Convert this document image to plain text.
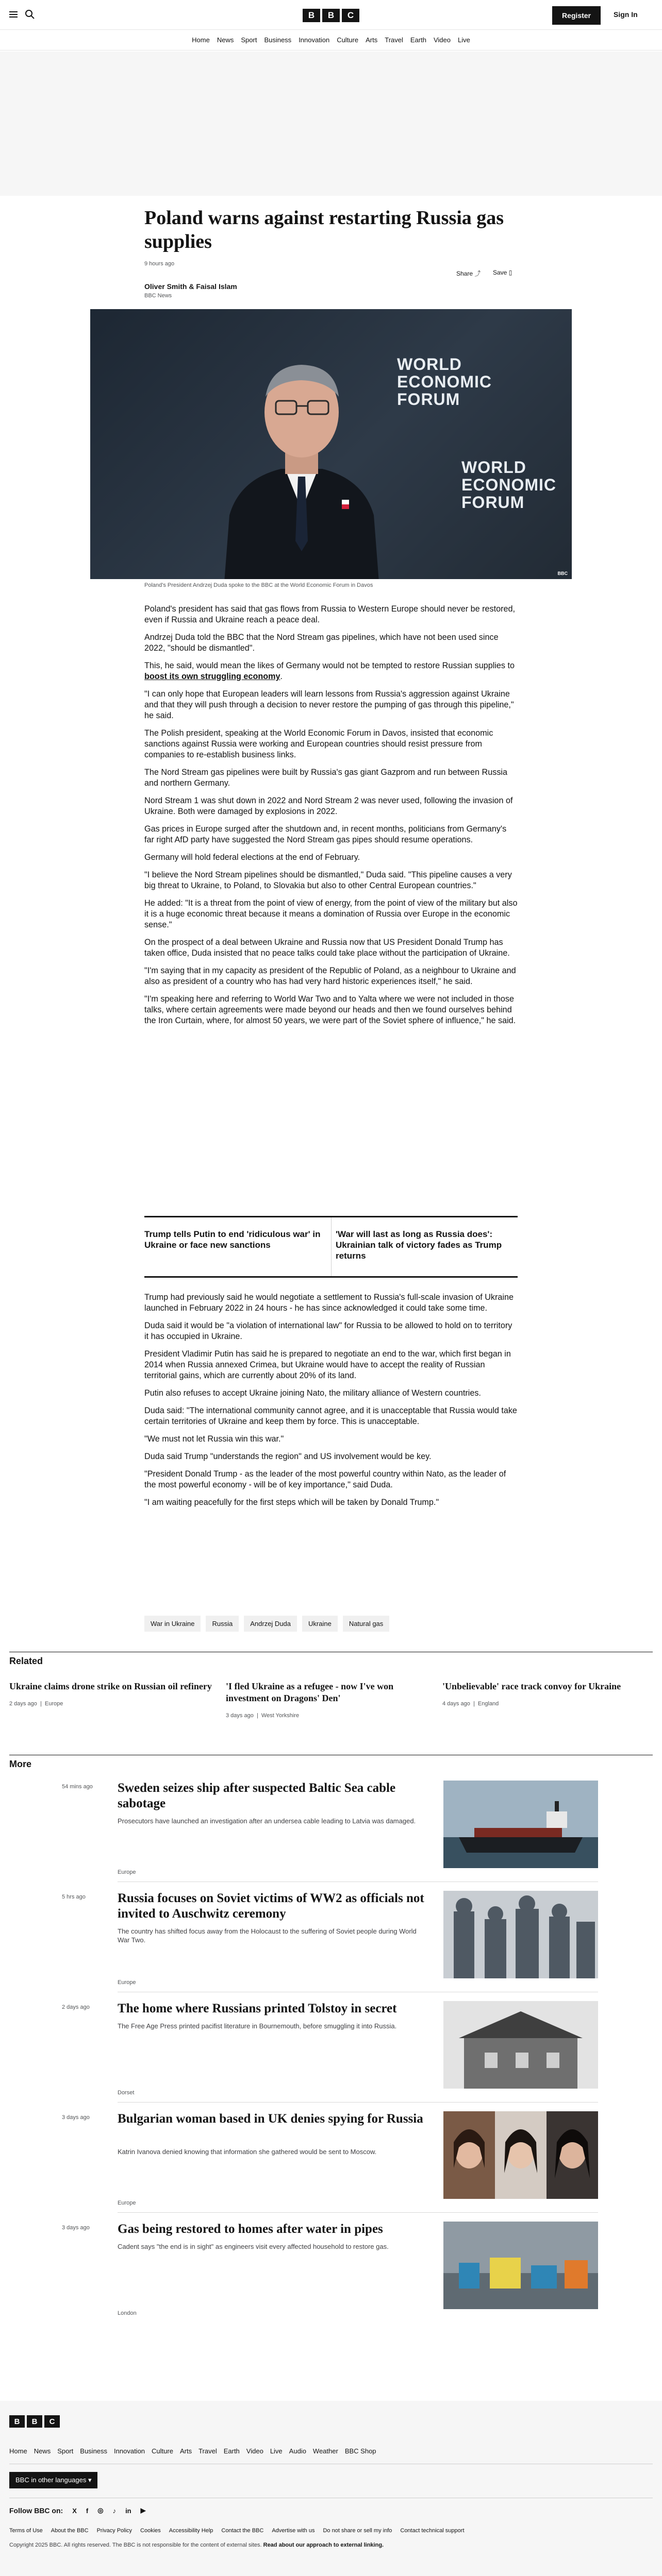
B	B	C	Register	Sign In
Home News Sport Business Innovation Culture Arts Travel Earth Video Live
Poland warns against restarting Russia gas supplies
9 hours ago
Share ⤴ Save ▯
Oliver Smith & Faisal Islam
BBC News
WORLD
ECONOMIC
FORUM
WORLD
ECONOMIC
FORUM
BBC
Poland's President Andrzej Duda spoke to the BBC at the World Economic Forum in Davos

Poland's president has said that gas flows from Russia to Western Europe should never be restored, even if Russia and Ukraine reach a peace deal.

Andrzej Duda told the BBC that the Nord Stream gas pipelines, which have not been used since 2022, "should be dismantled".

This, he said, would mean the likes of Germany would not be tempted to restore Russian supplies to boost its own struggling economy.

"I can only hope that European leaders will learn lessons from Russia's aggression against Ukraine and that they will push through a decision to never restore the pumping of gas through this pipeline," he said.

The Polish president, speaking at the World Economic Forum in Davos, insisted that economic sanctions against Russia were working and European countries should resist pressure from companies to re-establish business links.

The Nord Stream gas pipelines were built by Russia's gas giant Gazprom and run between Russia and northern Germany.

Nord Stream 1 was shut down in 2022 and Nord Stream 2 was never used, following the invasion of Ukraine. Both were damaged by explosions in 2022.

Gas prices in Europe surged after the shutdown and, in recent months, politicians from Germany's far right AfD party have suggested the Nord Stream gas pipes should resume operations.

Germany will hold federal elections at the end of February.

"I believe the Nord Stream pipelines should be dismantled," Duda said. "This pipeline causes a very big threat to Ukraine, to Poland, to Slovakia but also to other Central European countries."

He added: "It is a threat from the point of view of energy, from the point of view of the military but also it is a huge economic threat because it means a domination of Russia over Europe in the economic sense."

On the prospect of a deal between Ukraine and Russia now that US President Donald Trump has taken office, Duda insisted that no peace talks could take place without the participation of Ukraine.

"I'm saying that in my capacity as president of the Republic of Poland, as a neighbour to Ukraine and also as president of a country who has had very hard historic experiences itself," he said.

"I'm speaking here and referring to World War Two and to Yalta where we were not included in those talks, where certain agreements were made beyond our heads and then we found ourselves behind the Iron Curtain, where, for almost 50 years, we were part of the Soviet sphere of influence," he said.

Trump tells Putin to end 'ridiculous war' in Ukraine or face new sanctions
'War will last as long as Russia does': Ukrainian talk of victory fades as Trump returns

Trump had previously said he would negotiate a settlement to Russia's full-scale invasion of Ukraine launched in February 2022 in 24 hours - he has since acknowledged it could take some time.

Duda said it would be "a violation of international law" for Russia to be allowed to hold on to territory it has occupied in Ukraine.

President Vladimir Putin has said he is prepared to negotiate an end to the war, which first began in 2014 when Russia annexed Crimea, but Ukraine would have to accept the reality of Russian territorial gains, which are currently about 20% of its land.

Putin also refuses to accept Ukraine joining Nato, the military alliance of Western countries.

Duda said: "The international community cannot agree, and it is unacceptable that Russia would take certain territories of Ukraine and keep them by force. This is unacceptable.

"We must not let Russia win this war."

Duda said Trump "understands the region" and US involvement would be key.

"President Donald Trump - as the leader of the most powerful country within Nato, as the leader of the most powerful economy - will be of key importance," said Duda.

"I am waiting peacefully for the first steps which will be taken by Donald Trump."

War in Ukraine	Russia	Andrzej Duda	Ukraine	Natural gas
Related
Ukraine claims drone strike on Russian oil refinery
2 days ago  |  Europe
'I fled Ukraine as a refugee - now I've won investment on Dragons' Den'
3 days ago  |  West Yorkshire
'Unbelievable' race track convoy for Ukraine
4 days ago  |  England
More
54 mins ago Sweden seizes ship after suspected Baltic Sea cable sabotage
Prosecutors have launched an investigation after an undersea cable leading to Latvia was damaged.
Europe
5 hrs ago Russia focuses on Soviet victims of WW2 as officials not invited to Auschwitz ceremony
The country has shifted focus away from the Holocaust to the suffering of Soviet people during World War Two.
Europe
2 days ago The home where Russians printed Tolstoy in secret
The Free Age Press printed pacifist literature in Bournemouth, before smuggling it into Russia.
Dorset
3 days ago Bulgarian woman based in UK denies spying for Russia
Katrin Ivanova denied knowing that information she gathered would be sent to Moscow.
Europe
3 days ago Gas being restored to homes after water in pipes
Cadent says "the end is in sight" as engineers visit every affected household to restore gas.
London
B	B	C
Home News Sport Business Innovation Culture Arts Travel Earth Video Live Audio Weather BBC Shop
BBC in other languages ▾
Follow BBC on: X f ◎ ♪ in ▶
Terms of Use About the BBC Privacy Policy Cookies Accessibility Help Contact the BBC Advertise with us Do not share or sell my info Contact technical support
Copyright 2025 BBC. All rights reserved. The BBC is not responsible for the content of external sites. Read about our approach to external linking.
